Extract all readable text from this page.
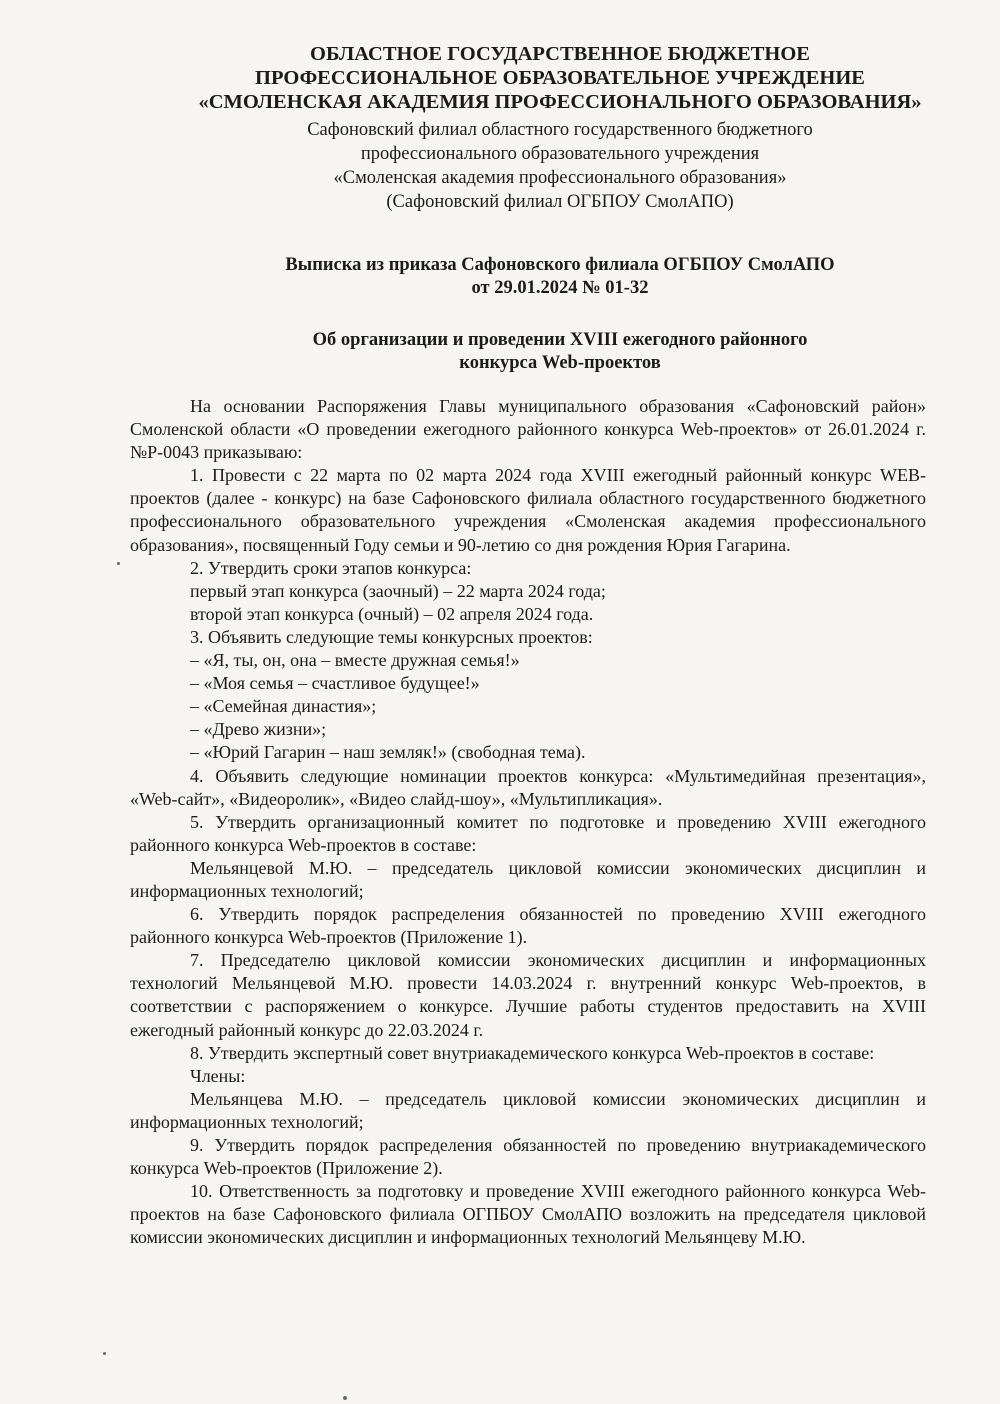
ОБЛАСТНОЕ ГОСУДАРСТВЕННОЕ БЮДЖЕТНОЕ
ПРОФЕССИОНАЛЬНОЕ ОБРАЗОВАТЕЛЬНОЕ УЧРЕЖДЕНИЕ
«СМОЛЕНСКАЯ АКАДЕМИЯ ПРОФЕССИОНАЛЬНОГО ОБРАЗОВАНИЯ»
Сафоновский филиал областного государственного бюджетного
профессионального образовательного учреждения
«Смоленская академия профессионального образования»
(Сафоновский филиал ОГБПОУ СмолАПО)
Выписка из приказа Сафоновского филиала ОГБПОУ СмолАПО
от 29.01.2024 № 01-32
Об организации и проведении XVIII ежегодного районного
конкурса Web-проектов

На основании Распоряжения Главы муниципального образования «Сафоновский район» Смоленской области «О проведении ежегодного районного конкурса Web-проектов» от 26.01.2024 г. №Р-0043 приказываю:

1. Провести с 22 марта по 02 марта 2024 года XVIII ежегодный районный конкурс WEB-проектов (далее - конкурс) на базе Сафоновского филиала областного государственного бюджетного профессионального образовательного учреждения «Смоленская академия профессионального образования», посвященный Году семьи и 90-летию со дня рождения Юрия Гагарина.

2. Утвердить сроки этапов конкурса:

первый этап конкурса (заочный) – 22 марта 2024 года;

второй этап конкурса (очный) – 02 апреля 2024 года.

3. Объявить следующие темы конкурсных проектов:

– «Я, ты, он, она – вместе дружная семья!»

– «Моя семья – счастливое будущее!»

– «Семейная династия»;

– «Древо жизни»;

– «Юрий Гагарин – наш земляк!» (свободная тема).

4. Объявить следующие номинации проектов конкурса: «Мультимедийная презентация», «Web-сайт», «Видеоролик», «Видео слайд-шоу», «Мультипликация».

5. Утвердить организационный комитет по подготовке и проведению XVIII ежегодного районного конкурса Web-проектов в составе:

Мельянцевой М.Ю. – председатель цикловой комиссии экономических дисциплин и информационных технологий;

6. Утвердить порядок распределения обязанностей по проведению XVIII ежегодного районного конкурса Web-проектов (Приложение 1).

7. Председателю цикловой комиссии экономических дисциплин и информационных технологий Мельянцевой М.Ю. провести 14.03.2024 г. внутренний конкурс Web-проектов, в соответствии с распоряжением о конкурсе. Лучшие работы студентов предоставить на XVIII ежегодный районный конкурс до 22.03.2024 г.

8. Утвердить экспертный совет внутриакадемического конкурса Web-проектов в составе:

Члены:

Мельянцева М.Ю. – председатель цикловой комиссии экономических дисциплин и информационных технологий;

9. Утвердить порядок распределения обязанностей по проведению внутриакадемического конкурса Web-проектов (Приложение 2).

10. Ответственность за подготовку и проведение XVIII ежегодного районного конкурса Web-проектов на базе Сафоновского филиала ОГПБОУ СмолАПО возложить на председателя цикловой комиссии экономических дисциплин и информационных технологий Мельянцеву М.Ю.
